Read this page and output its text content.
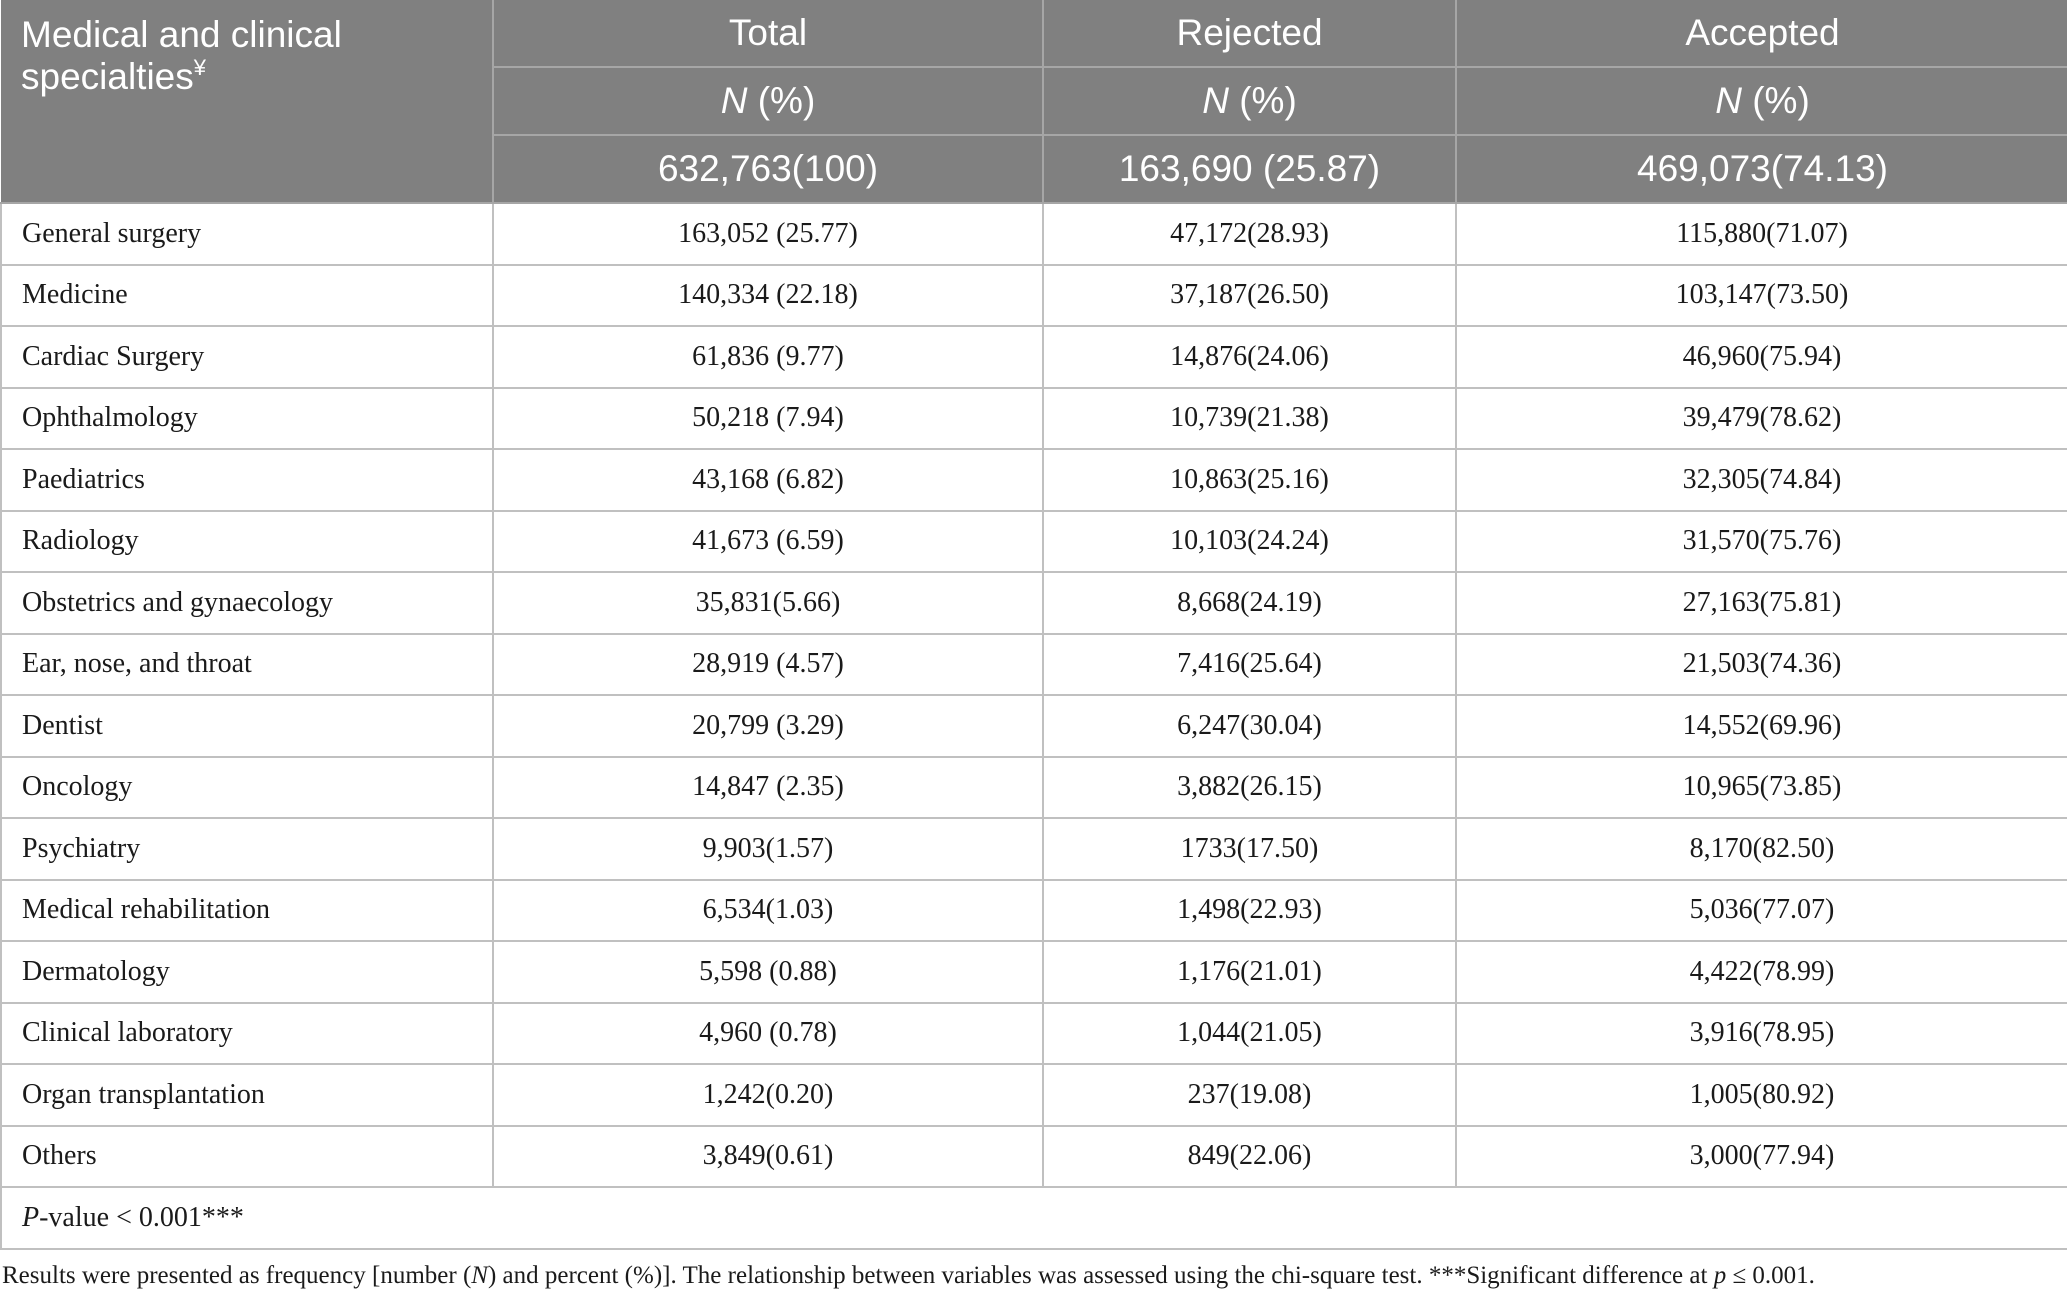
Medical and clinical specialties¥	Total	Rejected	Accepted
	N (%)	N (%)	N (%)
	632,763(100)	163,690 (25.87)	469,073(74.13)
General surgery	163,052 (25.77)	47,172(28.93)	115,880(71.07)
Medicine	140,334 (22.18)	37,187(26.50)	103,147(73.50)
Cardiac Surgery	61,836 (9.77)	14,876(24.06)	46,960(75.94)
Ophthalmology	50,218 (7.94)	10,739(21.38)	39,479(78.62)
Paediatrics	43,168 (6.82)	10,863(25.16)	32,305(74.84)
Radiology	41,673 (6.59)	10,103(24.24)	31,570(75.76)
Obstetrics and gynaecology	35,831(5.66)	8,668(24.19)	27,163(75.81)
Ear, nose, and throat	28,919 (4.57)	7,416(25.64)	21,503(74.36)
Dentist	20,799 (3.29)	6,247(30.04)	14,552(69.96)
Oncology	14,847 (2.35)	3,882(26.15)	10,965(73.85)
Psychiatry	9,903(1.57)	1733(17.50)	8,170(82.50)
Medical rehabilitation	6,534(1.03)	1,498(22.93)	5,036(77.07)
Dermatology	5,598 (0.88)	1,176(21.01)	4,422(78.99)
Clinical laboratory	4,960 (0.78)	1,044(21.05)	3,916(78.95)
Organ transplantation	1,242(0.20)	237(19.08)	1,005(80.92)
Others	3,849(0.61)	849(22.06)	3,000(77.94)
P-value < 0.001***			
Results were presented as frequency [number (N) and percent (%)]. The relationship between variables was assessed using the chi-square test. ***Significant difference at p ≤ 0.001.
